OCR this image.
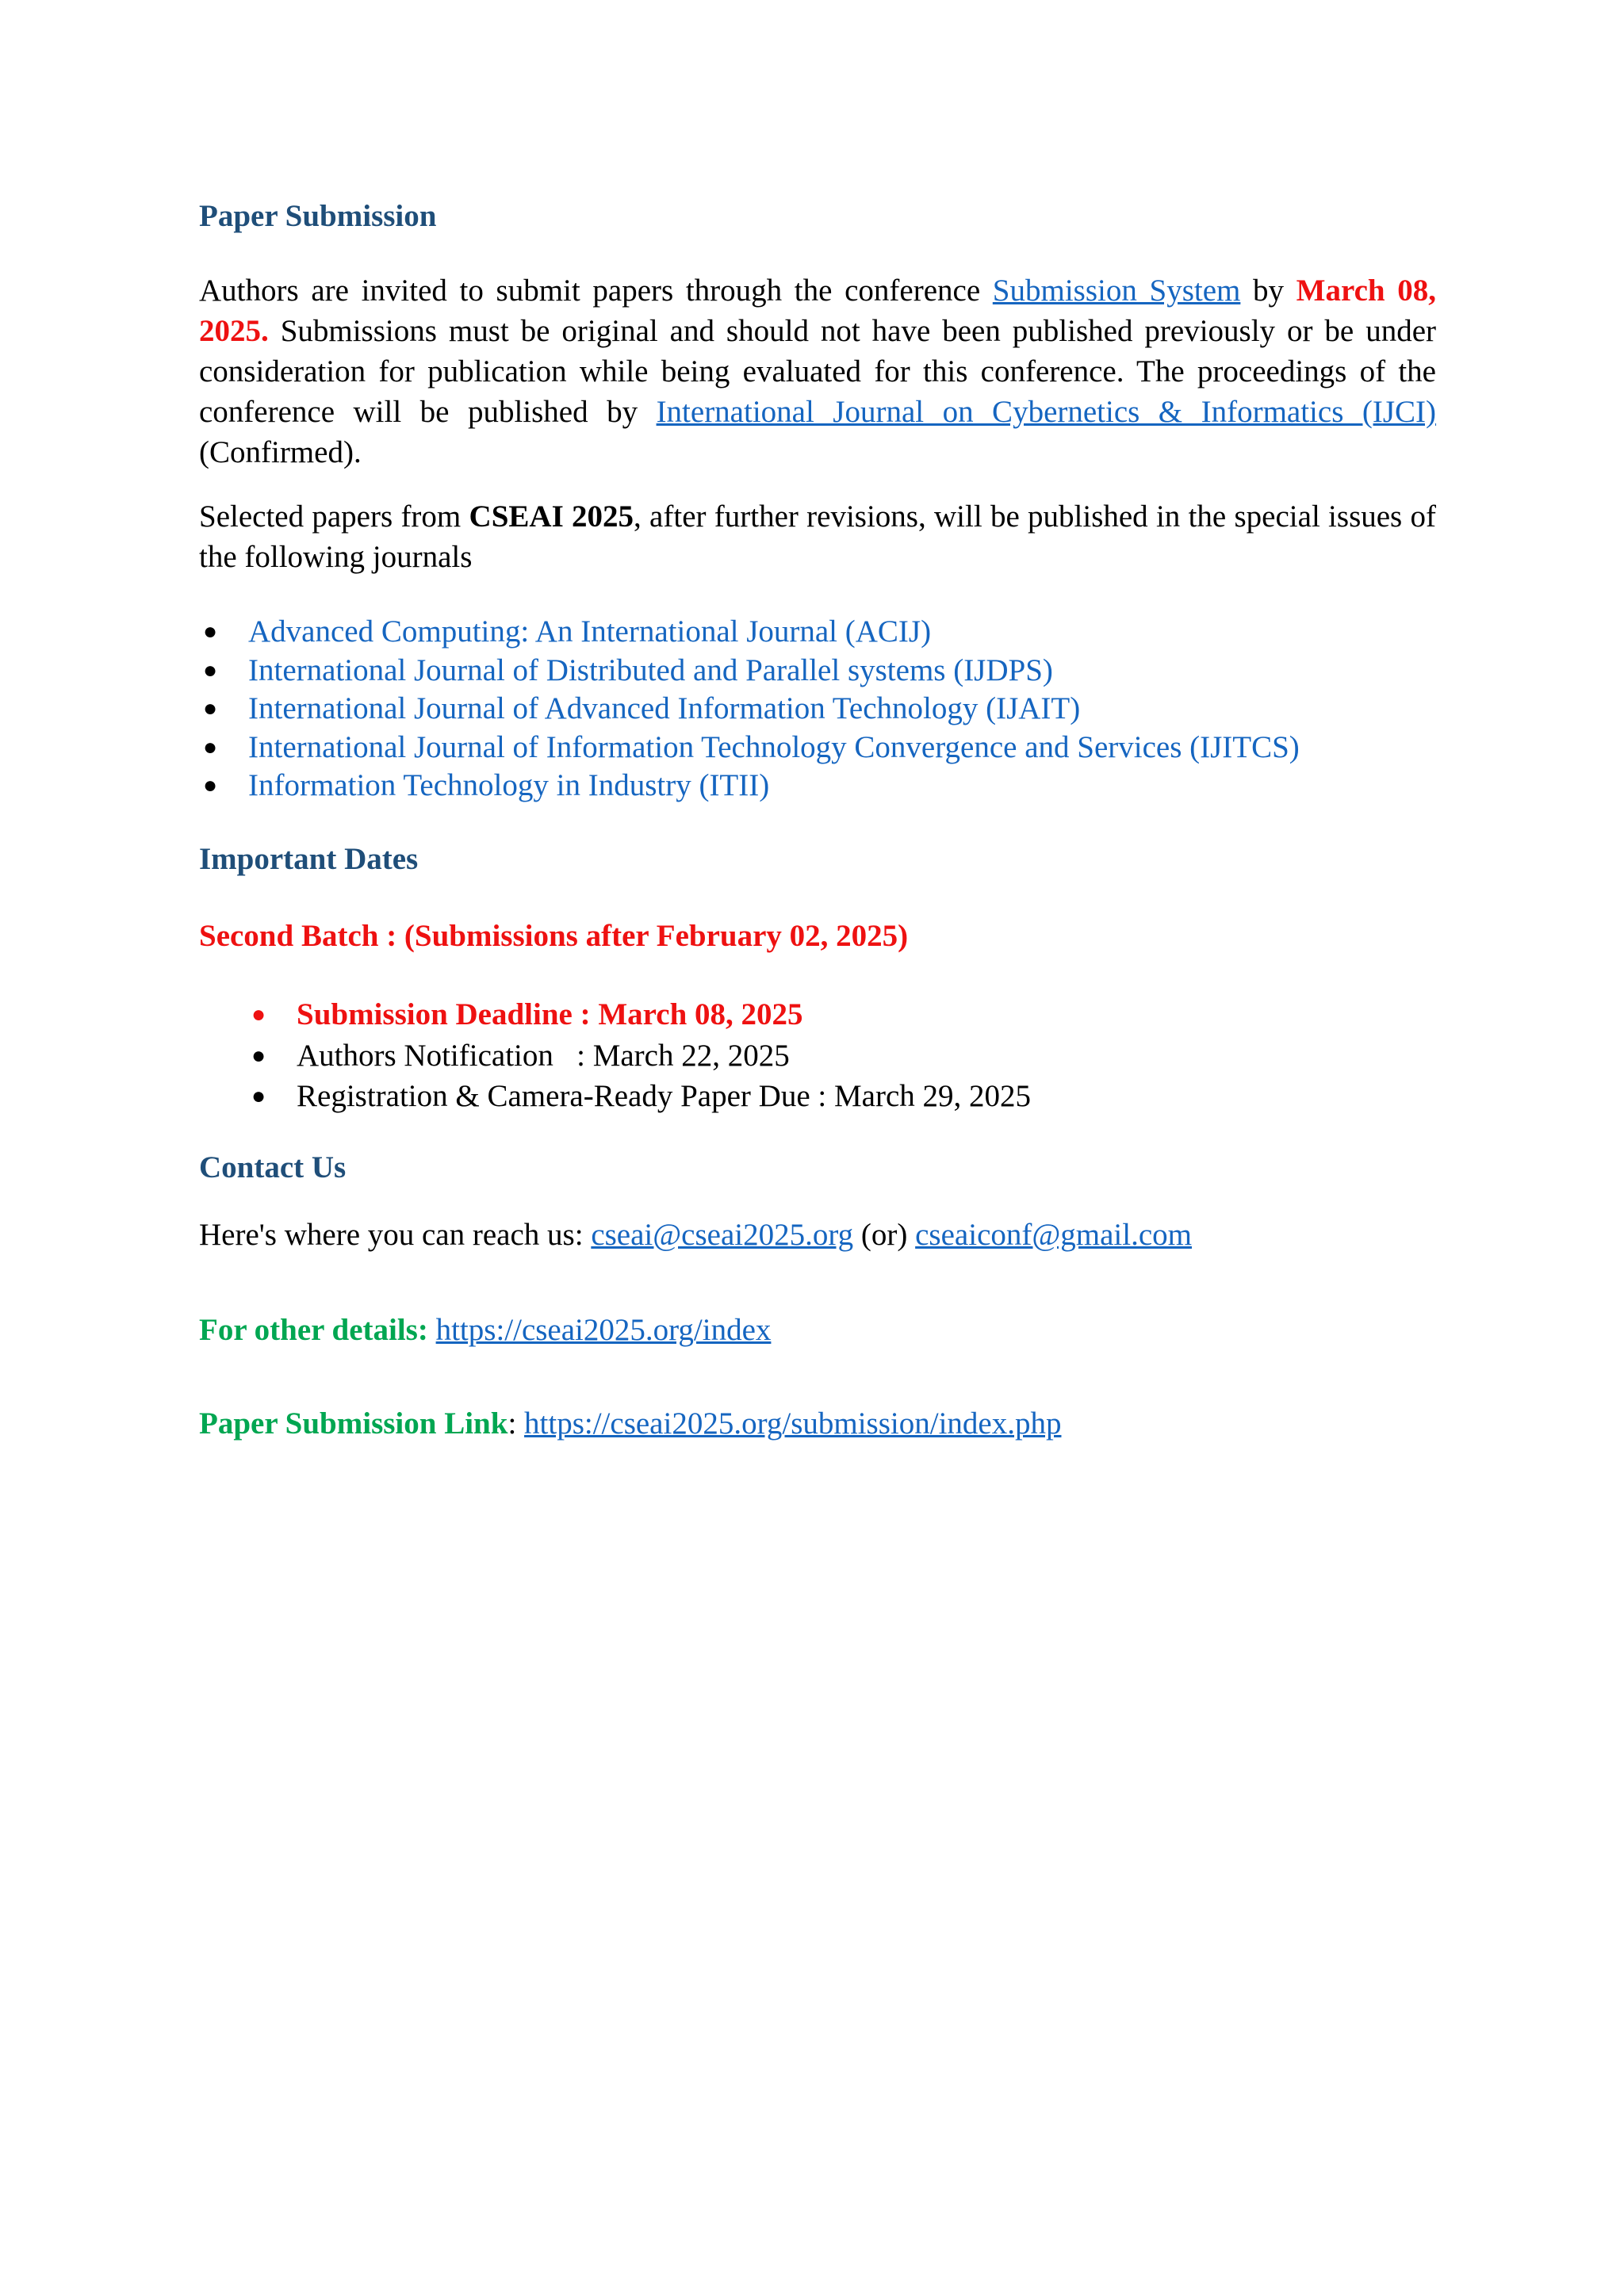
Paper Submission

Authors are invited to submit papers through the conference Submission System by March 08, 2025. Submissions must be original and should not have been published previously or be under consideration for publication while being evaluated for this conference. The proceedings of the conference will be published by International Journal on Cybernetics & Informatics (IJCI) (Confirmed).

Selected papers from CSEAI 2025, after further revisions, will be published in the special issues of the following journals

● Advanced Computing: An International Journal (ACIJ)
● International Journal of Distributed and Parallel systems (IJDPS)
● International Journal of Advanced Information Technology (IJAIT)
● International Journal of Information Technology Convergence and Services (IJITCS)
● Information Technology in Industry (ITII)
Important Dates
Second Batch : (Submissions after February 02, 2025)
● Submission Deadline : March 08, 2025
● Authors Notification   : March 22, 2025
● Registration & Camera-Ready Paper Due : March 29, 2025
Contact Us
Here's where you can reach us: cseai@cseai2025.org (or) cseaiconf@gmail.com
For other details: https://cseai2025.org/index
Paper Submission Link: https://cseai2025.org/submission/index.php
